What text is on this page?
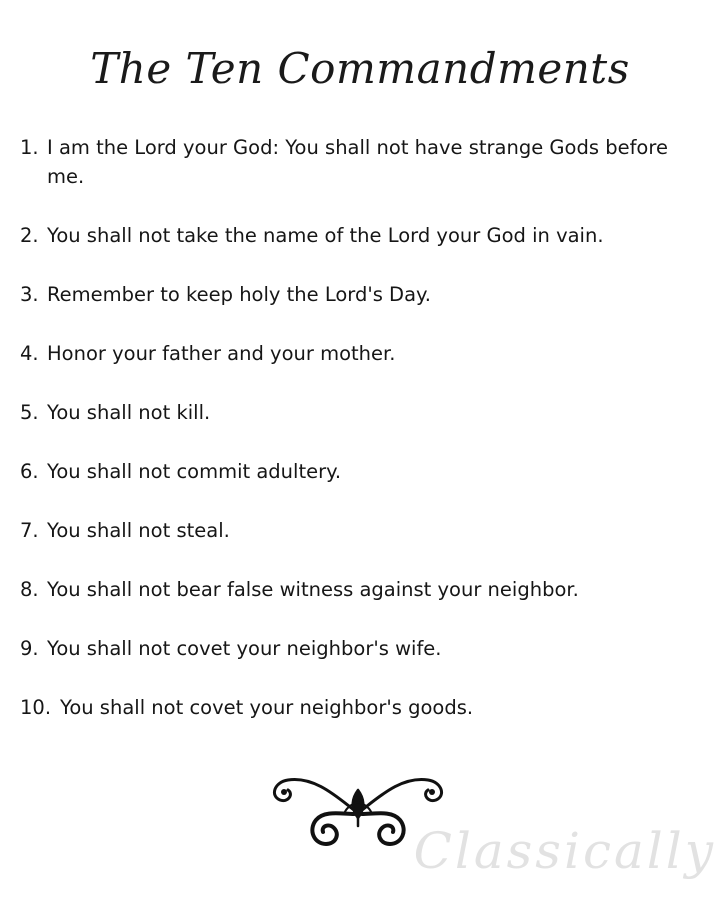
The Ten Commandments
1. I am the Lord your God: You shall not have strange Gods before me.
2. You shall not take the name of the Lord your God in vain.
3. Remember to keep holy the Lord's Day.
4. Honor your father and your mother.
5. You shall not kill.
6. You shall not commit adultery.
7. You shall not steal.
8. You shall not bear false witness against your neighbor.
9. You shall not covet your neighbor's wife.
10. You shall not covet your neighbor's goods.
Classically
